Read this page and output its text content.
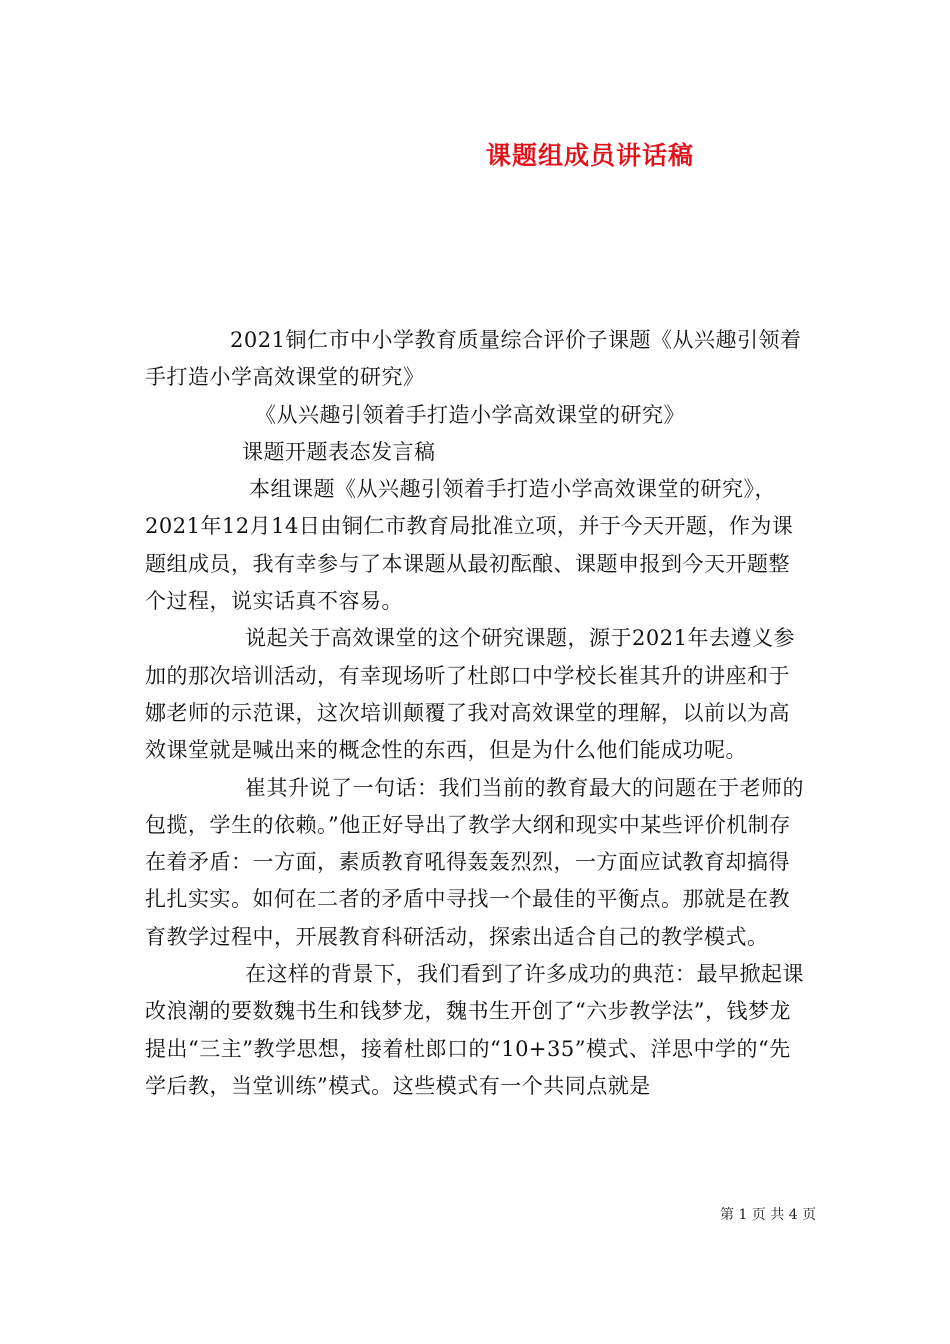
课题组成员讲话稿

2021铜仁市中小学教育质量综合评价子课题《从兴趣引领着手打造小学高效课堂的研究》

《从兴趣引领着手打造小学高效课堂的研究》

课题开题表态发言稿

本组课题《从兴趣引领着手打造小学高效课堂的研究》，2021年12月14日由铜仁市教育局批准立项，并于今天开题，作为课题组成员，我有幸参与了本课题从最初酝酿、课题申报到今天开题整个过程，说实话真不容易。

说起关于高效课堂的这个研究课题，源于2021年去遵义参加的那次培训活动，有幸现场听了杜郎口中学校长崔其升的讲座和于娜老师的示范课，这次培训颠覆了我对高效课堂的理解，以前以为高效课堂就是喊出来的概念性的东西，但是为什么他们能成功呢。

崔其升说了一句话：我们当前的教育最大的问题在于老师的包揽，学生的依赖。”他正好导出了教学大纲和现实中某些评价机制存在着矛盾：一方面，素质教育吼得轰轰烈烈，一方面应试教育却搞得扎扎实实。如何在二者的矛盾中寻找一个最佳的平衡点。那就是在教育教学过程中，开展教育科研活动，探索出适合自己的教学模式。

在这样的背景下，我们看到了许多成功的典范：最早掀起课改浪潮的要数魏书生和钱梦龙，魏书生开创了“六步教学法”，钱梦龙提出“三主”教学思想，接着杜郎口的“10+35”模式、洋思中学的“先学后教，当堂训练”模式。这些模式有一个共同点就是

第 1 页 共 4 页
